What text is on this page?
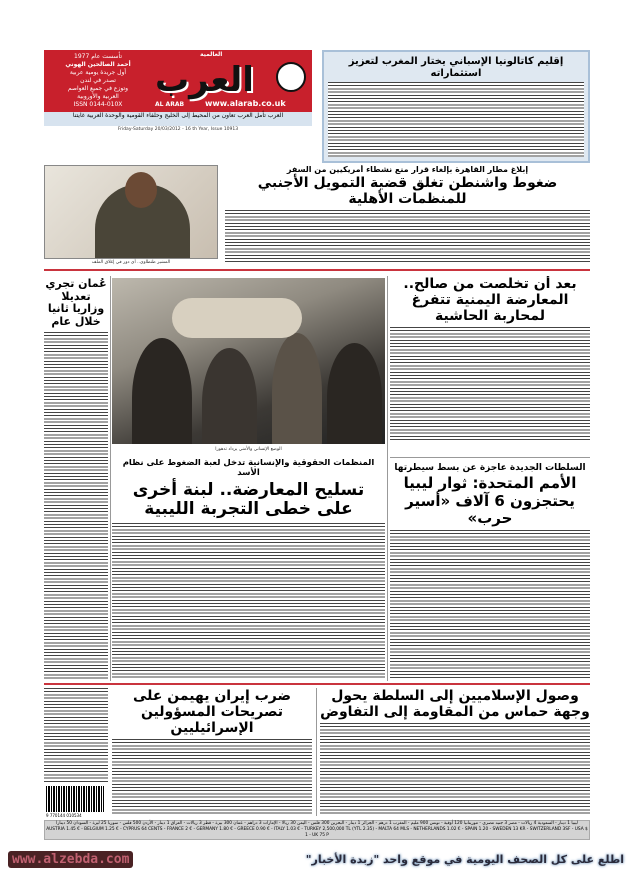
تأسست عام 1977
أحمد الصالحين الهوني
أول جريدة يومية عربية
تصدر في لندن
وتوزع في جميع العواصم
العربية والأوروبية
ISSN 0144-010X
العالمية
العرب
AL ARAB	www.alarab.co.uk
العرب تأمل العرب تعاون من المحيط إلى الخليج وحلفاء القومية والوحدة العربية غايتنا
Friday-Saturday 20/03/2012 - 16 th Year, Issue 10913
إقليم كاتالونيا الإسباني يختار المغرب لتعزيز استثماراته
إبلاغ مطار القاهرة بإلغاء قرار منع نشطاء أمريكيين من السفر
ضغوط واشنطن تغلق قضية التمويل الأجنبي للمنظمات الأهلية
المشير طنطاوي.. أي دور في إغلاق الملف
عُمان تجري تعديلا وزاريا ثانيا خلال عام
الوضع الإنساني والأمني يزداد تدهورا
بعد أن تخلصت من صالح.. المعارضة اليمنية تتفرغ لمحاربة الحاشية
السلطات الجديدة عاجزة عن بسط سيطرتها
الأمم المتحدة: ثوار ليبيا يحتجزون 6 آلاف «أسير حرب»
المنظمات الحقوقية والإنسانية تدخل لعبة الضغوط على نظام الأسد
تسليح المعارضة.. لبنة أخرى على خطى التجربة الليبية
وصول الإسلاميين إلى السلطة يحول وجهة حماس من المقاومة إلى التفاوض
ضرب إيران يهيمن على تصريحات المسؤولين الإسرائيليين
9 770144 010534
ليبيا 1 دينار - السعودية 4 ريالات - مصر 3 جنيه مصري - موريتانيا 120 أوقية - تونس 900 مليم - المغرب 1 درهم - الجزائر 1 دينار - البحرين 300 فلس - اليمن 30 ريالا - الإمارات 3 دراهم - عمان 300 بيزة - قطر 3 ريالات - العراق 1 دينار - الأردن 500 فلس - سوريا 25 ليرة - السودان 50 دينارا
AUSTRIA 1.45 € - BELGIUM 1.25 € - CYPRUS 64 CENTS - FRANCE 2 € - GERMANY 1.80 € - GREECE 0.90 € - ITALY 1.03 € - TURKEY 2,500,000 TL (YTL 2.35) - MALTA 64 MLS - NETHERLANDS 1.02 € - SPAIN 1.20 - SWEDEN 13 KR - SWITZERLAND 3SF - USA $ 1 - UK 75 P
www.alzebda.com	اطلع على كل الصحف اليومية في موقع واحد "زبدة الأخبار"
